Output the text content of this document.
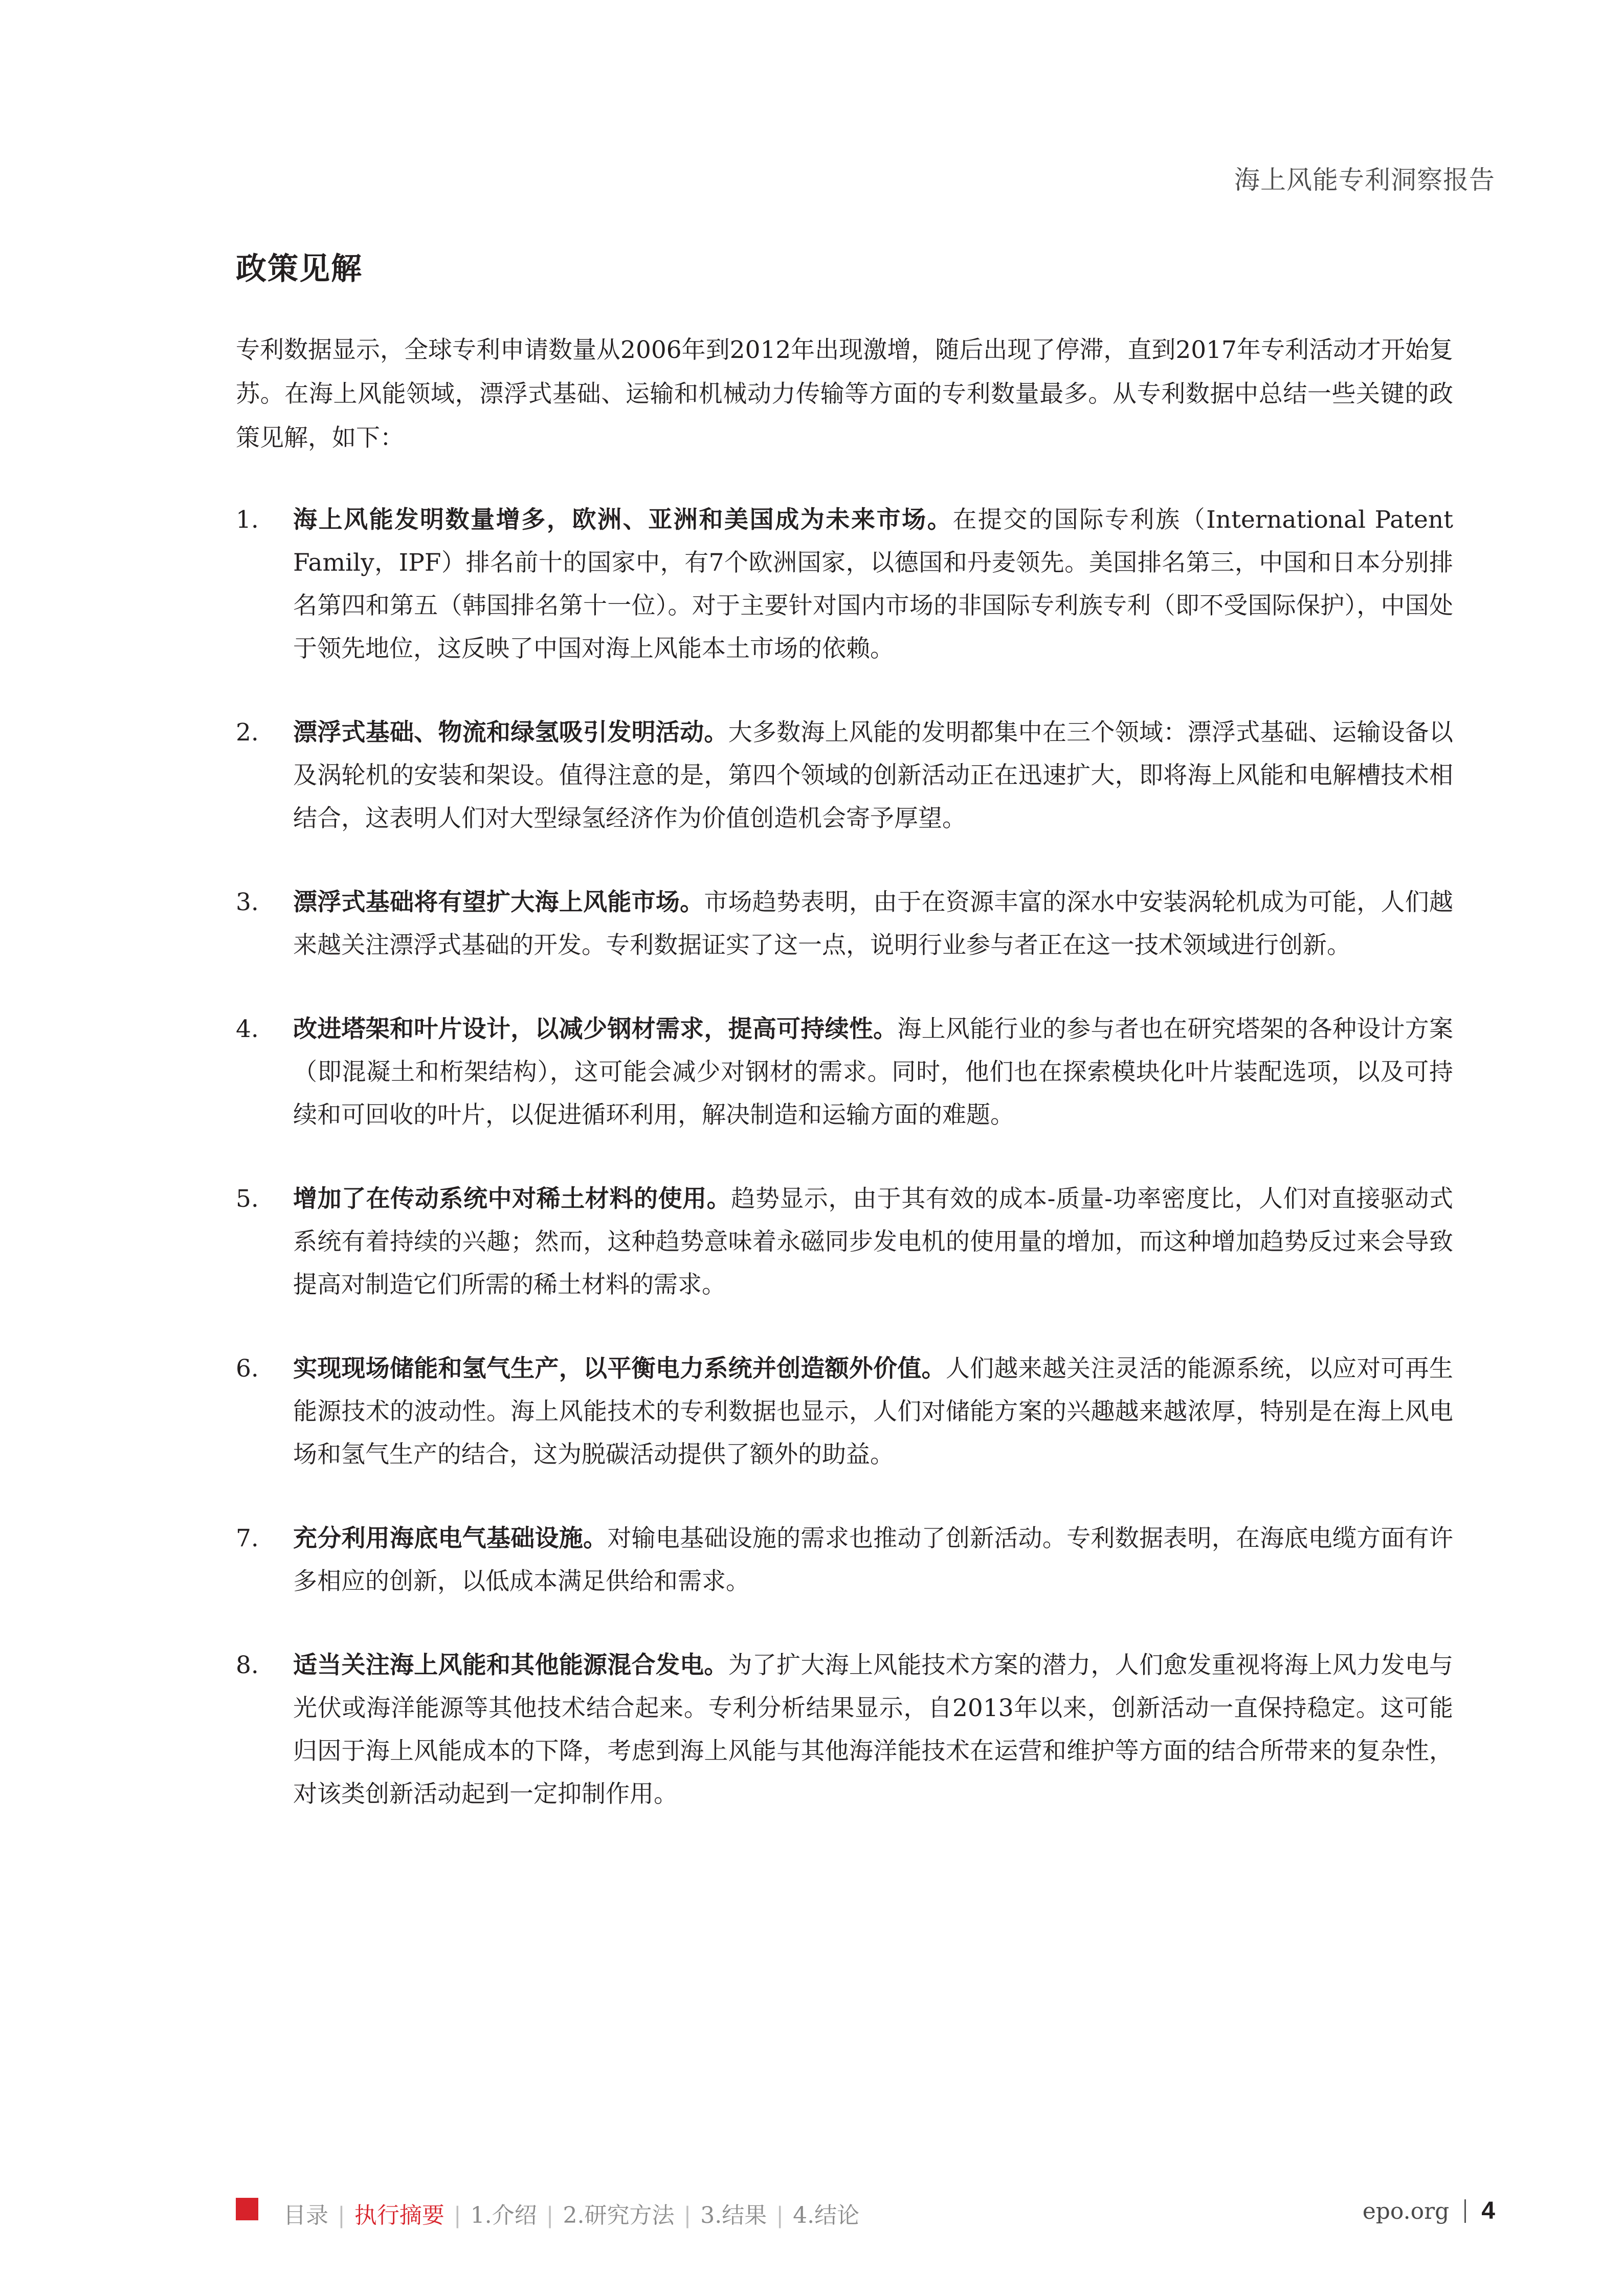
海上风能专利洞察报告
政策见解

专利数据显示，全球专利申请数量从2006年到2012年出现激增，随后出现了停滞，直到2017年专利活动才开始复苏。在海上风能领域，漂浮式基础、运输和机械动力传输等方面的专利数量最多。从专利数据中总结一些关键的政策见解，如下：

1.	海上风能发明数量增多，欧洲、亚洲和美国成为未来市场。在提交的国际专利族（International Patent Family，IPF）排名前十的国家中，有7个欧洲国家，以德国和丹麦领先。美国排名第三，中国和日本分别排名第四和第五（韩国排名第十一位）。对于主要针对国内市场的非国际专利族专利（即不受国际保护），中国处于领先地位，这反映了中国对海上风能本土市场的依赖。
2.	漂浮式基础、物流和绿氢吸引发明活动。大多数海上风能的发明都集中在三个领域：漂浮式基础、运输设备以及涡轮机的安装和架设。值得注意的是，第四个领域的创新活动正在迅速扩大，即将海上风能和电解槽技术相结合，这表明人们对大型绿氢经济作为价值创造机会寄予厚望。
3.	漂浮式基础将有望扩大海上风能市场。市场趋势表明，由于在资源丰富的深水中安装涡轮机成为可能，人们越来越关注漂浮式基础的开发。专利数据证实了这一点，说明行业参与者正在这一技术领域进行创新。
4.	改进塔架和叶片设计，以减少钢材需求，提高可持续性。海上风能行业的参与者也在研究塔架的各种设计方案（即混凝土和桁架结构），这可能会减少对钢材的需求。同时，他们也在探索模块化叶片装配选项，以及可持续和可回收的叶片，以促进循环利用，解决制造和运输方面的难题。
5.	增加了在传动系统中对稀土材料的使用。趋势显示，由于其有效的成本-质量-功率密度比，人们对直接驱动式系统有着持续的兴趣；然而，这种趋势意味着永磁同步发电机的使用量的增加，而这种增加趋势反过来会导致提高对制造它们所需的稀土材料的需求。
6.	实现现场储能和氢气生产，以平衡电力系统并创造额外价值。人们越来越关注灵活的能源系统，以应对可再生能源技术的波动性。海上风能技术的专利数据也显示，人们对储能方案的兴趣越来越浓厚，特别是在海上风电场和氢气生产的结合，这为脱碳活动提供了额外的助益。
7.	充分利用海底电气基础设施。对输电基础设施的需求也推动了创新活动。专利数据表明，在海底电缆方面有许多相应的创新，以低成本满足供给和需求。
8.	适当关注海上风能和其他能源混合发电。为了扩大海上风能技术方案的潜力，人们愈发重视将海上风力发电与光伏或海洋能源等其他技术结合起来。专利分析结果显示，自2013年以来，创新活动一直保持稳定。这可能归因于海上风能成本的下降，考虑到海上风能与其他海洋能技术在运营和维护等方面的结合所带来的复杂性，对该类创新活动起到一定抑制作用。
目录 | 执行摘要 | 1.介绍 | 2.研究方法 | 3.结果 | 4.结论	epo.org 4
